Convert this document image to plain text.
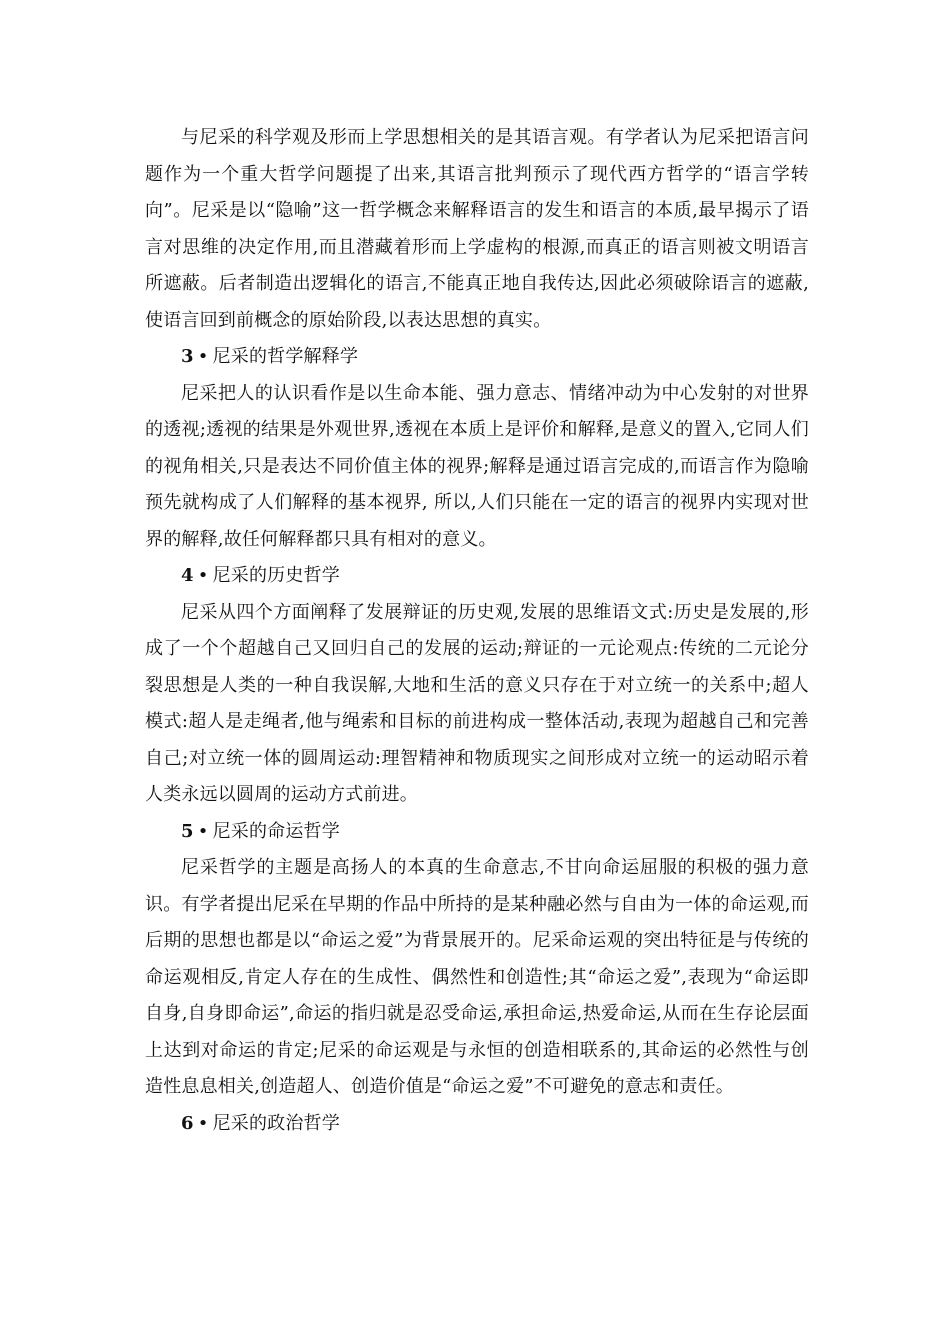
与尼采的科学观及形而上学思想相关的是其语言观。有学者认为尼采把语言问题作为一个重大哲学问题提了出来,其语言批判预示了现代西方哲学的“语言学转向”。尼采是以“隐喻”这一哲学概念来解释语言的发生和语言的本质,最早揭示了语言对思维的决定作用,而且潜藏着形而上学虚构的根源,而真正的语言则被文明语言所遮蔽。后者制造出逻辑化的语言,不能真正地自我传达,因此必须破除语言的遮蔽,使语言回到前概念的原始阶段,以表达思想的真实。

3 • 尼采的哲学解释学

尼采把人的认识看作是以生命本能、强力意志、情绪冲动为中心发射的对世界的透视;透视的结果是外观世界,透视在本质上是评价和解释,是意义的置入,它同人们的视角相关,只是表达不同价值主体的视界;解释是通过语言完成的,而语言作为隐喻预先就构成了人们解释的基本视界, 所以,人们只能在一定的语言的视界内实现对世界的解释,故任何解释都只具有相对的意义。

4 • 尼采的历史哲学

尼采从四个方面阐释了发展辩证的历史观,发展的思维语文式:历史是发展的,形成了一个个超越自己又回归自己的发展的运动;辩证的一元论观点:传统的二元论分裂思想是人类的一种自我误解,大地和生活的意义只存在于对立统一的关系中;超人模式:超人是走绳者,他与绳索和目标的前进构成一整体活动,表现为超越自己和完善自己;对立统一体的圆周运动:理智精神和物质现实之间形成对立统一的运动昭示着人类永远以圆周的运动方式前进。

5 • 尼采的命运哲学

尼采哲学的主题是高扬人的本真的生命意志,不甘向命运屈服的积极的强力意识。有学者提出尼采在早期的作品中所持的是某种融必然与自由为一体的命运观,而后期的思想也都是以“命运之爱”为背景展开的。尼采命运观的突出特征是与传统的命运观相反,肯定人存在的生成性、偶然性和创造性;其“命运之爱”,表现为“命运即自身,自身即命运”,命运的指归就是忍受命运,承担命运,热爱命运,从而在生存论层面上达到对命运的肯定;尼采的命运观是与永恒的创造相联系的,其命运的必然性与创造性息息相关,创造超人、创造价值是“命运之爱”不可避免的意志和责任。

6 • 尼采的政治哲学
